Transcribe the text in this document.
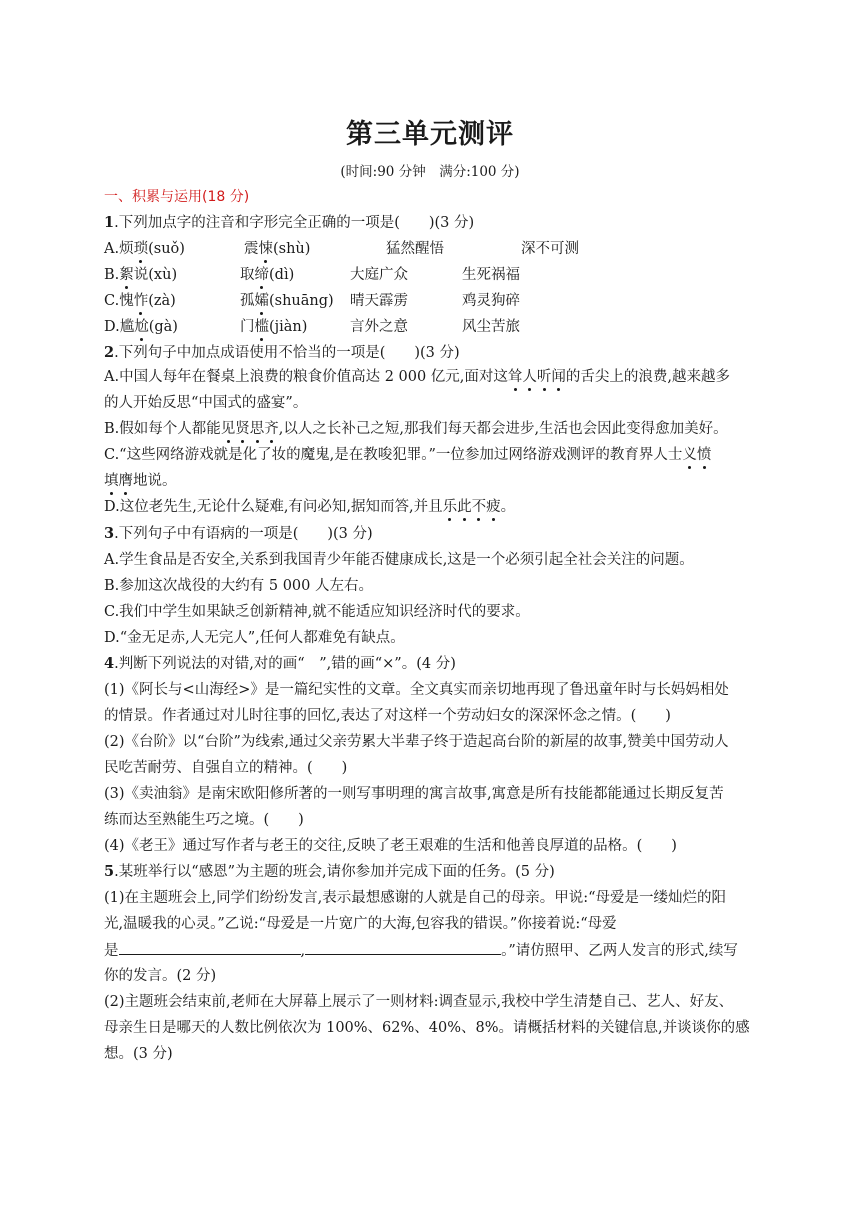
第三单元测评
(时间:90 分钟　满分:100 分)
一、积累与运用(18 分)
1.下列加点字的注音和字形完全正确的一项是(　　)(3 分)
A.烦琐(suǒ)	震悚(shù)	猛然醒悟	深不可测
B.絮说(xù)	取缔(dì)	大庭广众	生死祸福
C.愧怍(zà)	孤孀(shuāng) 晴天霹雳	鸡灵狗碎
D.尴尬(gà)	门槛(jiàn)	言外之意	风尘苦旅
2.下列句子中加点成语使用不恰当的一项是(　　)(3 分)
A.中国人每年在餐桌上浪费的粮食价值高达 2 000 亿元,面对这耸人听闻的舌尖上的浪费,越来越多
的人开始反思“中国式的盛宴”。
B.假如每个人都能见贤思齐,以人之长补己之短,那我们每天都会进步,生活也会因此变得愈加美好。
C.“这些网络游戏就是化了妆的魔鬼,是在教唆犯罪。”一位参加过网络游戏测评的教育界人士义愤
填膺地说。
D.这位老先生,无论什么疑难,有问必知,据知而答,并且乐此不疲。
3.下列句子中有语病的一项是(　　)(3 分)
A.学生食品是否安全,关系到我国青少年能否健康成长,这是一个必须引起全社会关注的问题。
B.参加这次战役的大约有 5 000 人左右。
C.我们中学生如果缺乏创新精神,就不能适应知识经济时代的要求。
D.“金无足赤,人无完人”,任何人都难免有缺点。
4.判断下列说法的对错,对的画“　”,错的画“×”。(4 分)
(1)《阿长与<山海经>》是一篇纪实性的文章。全文真实而亲切地再现了鲁迅童年时与长妈妈相处
的情景。作者通过对儿时往事的回忆,表达了对这样一个劳动妇女的深深怀念之情。(　　)
(2)《台阶》以“台阶”为线索,通过父亲劳累大半辈子终于造起高台阶的新屋的故事,赞美中国劳动人
民吃苦耐劳、自强自立的精神。(　　)
(3)《卖油翁》是南宋欧阳修所著的一则写事明理的寓言故事,寓意是所有技能都能通过长期反复苦
练而达至熟能生巧之境。(　　)
(4)《老王》通过写作者与老王的交往,反映了老王艰难的生活和他善良厚道的品格。(　　)
5.某班举行以“感恩”为主题的班会,请你参加并完成下面的任务。(5 分)
(1)在主题班会上,同学们纷纷发言,表示最想感谢的人就是自己的母亲。甲说:“母爱是一缕灿烂的阳
光,温暖我的心灵。”乙说:“母爱是一片宽广的大海,包容我的错误。”你接着说:“母爱
是	,	。”请仿照甲、乙两人发言的形式,续写
你的发言。(2 分)
(2)主题班会结束前,老师在大屏幕上展示了一则材料:调查显示,我校中学生清楚自己、艺人、好友、
母亲生日是哪天的人数比例依次为 100%、62%、40%、8%。请概括材料的关键信息,并谈谈你的感
想。(3 分)
